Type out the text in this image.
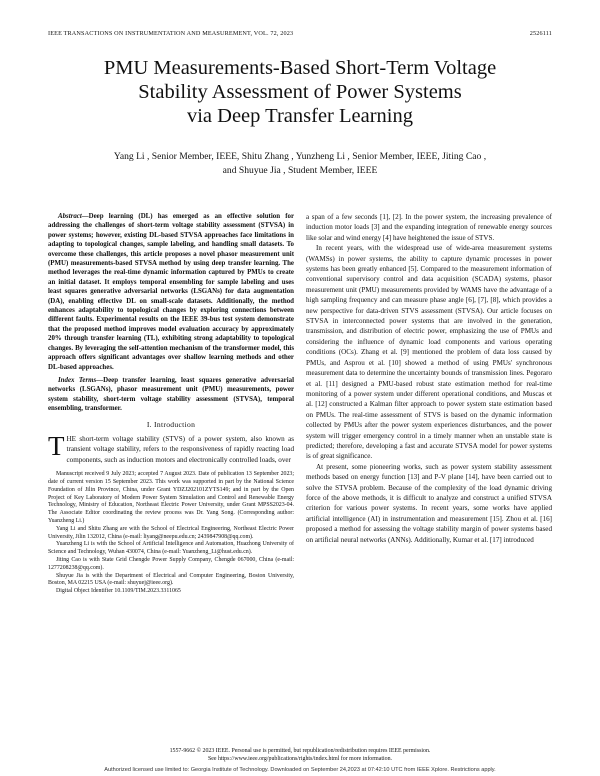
IEEE TRANSACTIONS ON INSTRUMENTATION AND MEASUREMENT, VOL. 72, 2023	2526111
PMU Measurements-Based Short-Term Voltage
Stability Assessment of Power Systems
via Deep Transfer Learning
Yang Li , Senior Member, IEEE, Shitu Zhang , Yunzheng Li , Senior Member, IEEE, Jiting Cao ,
and Shuyue Jia , Student Member, IEEE

Abstract—Deep learning (DL) has emerged as an effective solution for addressing the challenges of short-term voltage stability assessment (STVSA) in power systems; however, existing DL-based STVSA approaches face limitations in adapting to topological changes, sample labeling, and handling small datasets. To overcome these challenges, this article proposes a novel phasor measurement unit (PMU) measurements-based STVSA method by using deep transfer learning. The method leverages the real-time dynamic information captured by PMUs to create an initial dataset. It employs temporal ensembling for sample labeling and uses least squares generative adversarial networks (LSGANs) for data augmentation (DA), enabling effective DL on small-scale datasets. Additionally, the method enhances adaptability to topological changes by exploring connections between different faults. Experimental results on the IEEE 39-bus test system demonstrate that the proposed method improves model evaluation accuracy by approximately 20% through transfer learning (TL), exhibiting strong adaptability to topological changes. By leveraging the self-attention mechanism of the transformer model, this approach offers significant advantages over shallow learning methods and other DL-based approaches.

Index Terms—Deep transfer learning, least squares generative adversarial networks (LSGANs), phasor measurement unit (PMU) measurements, power system stability, short-term voltage stability assessment (STVSA), temporal ensembling, transformer.

I. Introduction

THE short-term voltage stability (STVS) of a power system, also known as transient voltage stability, refers to the responsiveness of rapidly reacting load components, such as induction motors and electronically controlled loads, over

Manuscript received 9 July 2023; accepted 7 August 2023. Date of publication 13 September 2023; date of current version 15 September 2023. This work was supported in part by the National Science Foundation of Jilin Province, China, under Grant YDZJ202101ZYTS149; and in part by the Open Project of Key Laboratory of Modern Power System Simulation and Control and Renewable Energy Technology, Ministry of Education, Northeast Electric Power University, under Grant MPSS2023-04. The Associate Editor coordinating the review process was Dr. Yang Song. (Corresponding author: Yuanzheng Li.)

Yang Li and Shitu Zhang are with the School of Electrical Engineering, Northeast Electric Power University, Jilin 132012, China (e-mail: liyang@neepu.edu.cn; 2439847908@qq.com).

Yuanzheng Li is with the School of Artificial Intelligence and Automation, Huazhong University of Science and Technology, Wuhan 430074, China (e-mail: Yuanzheng_Li@hust.edu.cn).

Jiting Cao is with State Grid Chengde Power Supply Company, Chengde 067000, China (e-mail: 1277208238@qq.com).

Shuyue Jia is with the Department of Electrical and Computer Engineering, Boston University, Boston, MA 02215 USA (e-mail: shuyuej@ieee.org).

Digital Object Identifier 10.1109/TIM.2023.3311065

a span of a few seconds [1], [2]. In the power system, the increasing prevalence of induction motor loads [3] and the expanding integration of renewable energy sources like solar and wind energy [4] have heightened the issue of STVS.

In recent years, with the widespread use of wide-area measurement systems (WAMSs) in power systems, the ability to capture dynamic processes in power systems has been greatly enhanced [5]. Compared to the measurement information of conventional supervisory control and data acquisition (SCADA) systems, phasor measurement unit (PMU) measurements provided by WAMS have the advantage of a high sampling frequency and can measure phase angle [6], [7], [8], which provides a new perspective for data-driven STVS assessment (STVSA). Our article focuses on STVSA in interconnected power systems that are involved in the generation, transmission, and distribution of electric power, emphasizing the use of PMUs and considering the influence of dynamic load components and various operating conditions (OCs). Zhang et al. [9] mentioned the problem of data loss caused by PMUs, and Asprou et al. [10] showed a method of using PMUs' synchronous measurement data to determine the uncertainty bounds of transmission lines. Pegoraro et al. [11] designed a PMU-based robust state estimation method for real-time monitoring of a power system under different operational conditions, and Muscas et al. [12] constructed a Kalman filter approach to power system state estimation based on PMUs. The real-time assessment of STVS is based on the dynamic information collected by PMUs after the power system experiences disturbances, and the power system will trigger emergency control in a timely manner when an unstable state is predicted; therefore, developing a fast and accurate STVSA model for power systems is of great significance.

At present, some pioneering works, such as power system stability assessment methods based on energy function [13] and P-V plane [14], have been carried out to solve the STVSA problem. Because of the complexity of the load dynamic driving force of the above methods, it is difficult to analyze and construct a unified STVSA criterion for various power systems. In recent years, some works have applied artificial intelligence (AI) in instrumentation and measurement [15]. Zhou et al. [16] proposed a method for assessing the voltage stability margin of power systems based on artificial neural networks (ANNs). Additionally, Kumar et al. [17] introduced

1557-9662 © 2023 IEEE. Personal use is permitted, but republication/redistribution requires IEEE permission.
See https://www.ieee.org/publications/rights/index.html for more information.
Authorized licensed use limited to: Georgia Institute of Technology. Downloaded on September 24,2023 at 07:42:10 UTC from IEEE Xplore. Restrictions apply.
